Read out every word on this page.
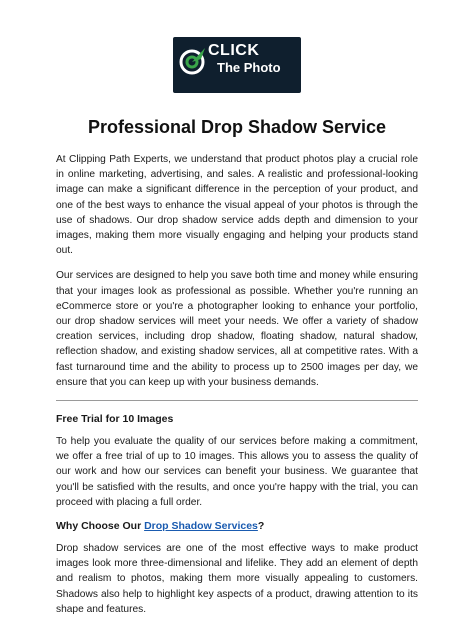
CLICK
The Photo
Professional Drop Shadow Service

At Clipping Path Experts, we understand that product photos play a crucial role in online marketing, advertising, and sales. A realistic and professional-looking image can make a significant difference in the perception of your product, and one of the best ways to enhance the visual appeal of your photos is through the use of shadows. Our drop shadow service adds depth and dimension to your images, making them more visually engaging and helping your products stand out.

Our services are designed to help you save both time and money while ensuring that your images look as professional as possible. Whether you're running an eCommerce store or you're a photographer looking to enhance your portfolio, our drop shadow services will meet your needs. We offer a variety of shadow creation services, including drop shadow, floating shadow, natural shadow, reflection shadow, and existing shadow services, all at competitive rates. With a fast turnaround time and the ability to process up to 2500 images per day, we ensure that you can keep up with your business demands.

Free Trial for 10 Images

To help you evaluate the quality of our services before making a commitment, we offer a free trial of up to 10 images. This allows you to assess the quality of our work and how our services can benefit your business. We guarantee that you'll be satisfied with the results, and once you're happy with the trial, you can proceed with placing a full order.

Why Choose Our Drop Shadow Services?

Drop shadow services are one of the most effective ways to make product images look more three-dimensional and lifelike. They add an element of depth and realism to photos, making them more visually appealing to customers. Shadows also help to highlight key aspects of a product, drawing attention to its shape and features.
